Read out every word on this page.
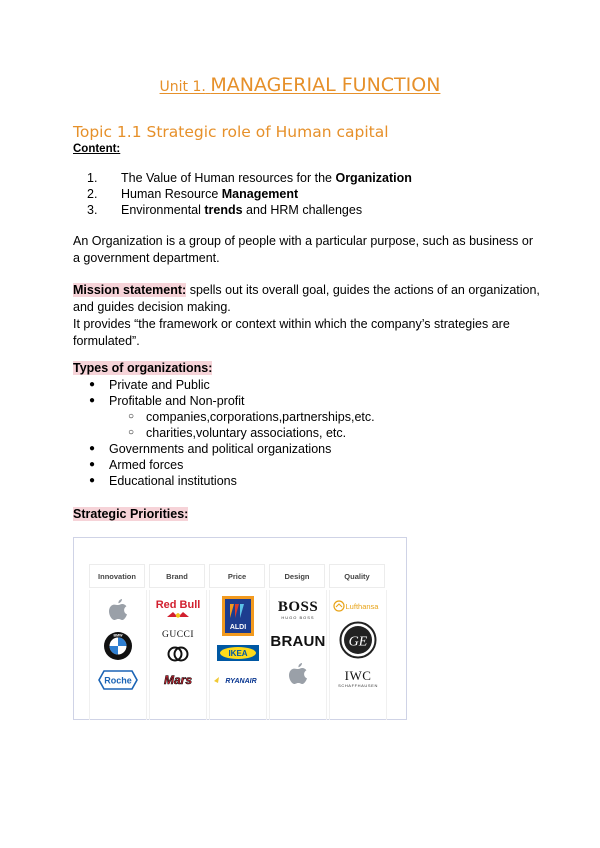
Unit 1. MANAGERIAL FUNCTION
Topic 1.1 Strategic role of Human capital
Content:
1. The Value of Human resources for the Organization
2. Human Resource Management
3. Environmental trends and HRM challenges
An Organization is a group of people with a particular purpose, such as business or a government department.
Mission statement: spells out its overall goal, guides the actions of an organization, and guides decision making.
It provides “the framework or context within which the company’s strategies are formulated”.
Types of organizations:
● Private and Public
● Profitable and Non-profit
○ companies,corporations,partnerships,etc.
○ charities,voluntary associations, etc.
● Governments and political organizations
● Armed forces
● Educational institutions
Strategic Priorities:
Innovation
BMW
Roche
Brand
Red Bull
GUCCI
Mars
Price
ALDI
IKEA
RYANAIR
Design
BOSS
HUGO BOSS
BRAUN
Quality
Lufthansa
GE
IWC
SCHAFFHAUSEN
